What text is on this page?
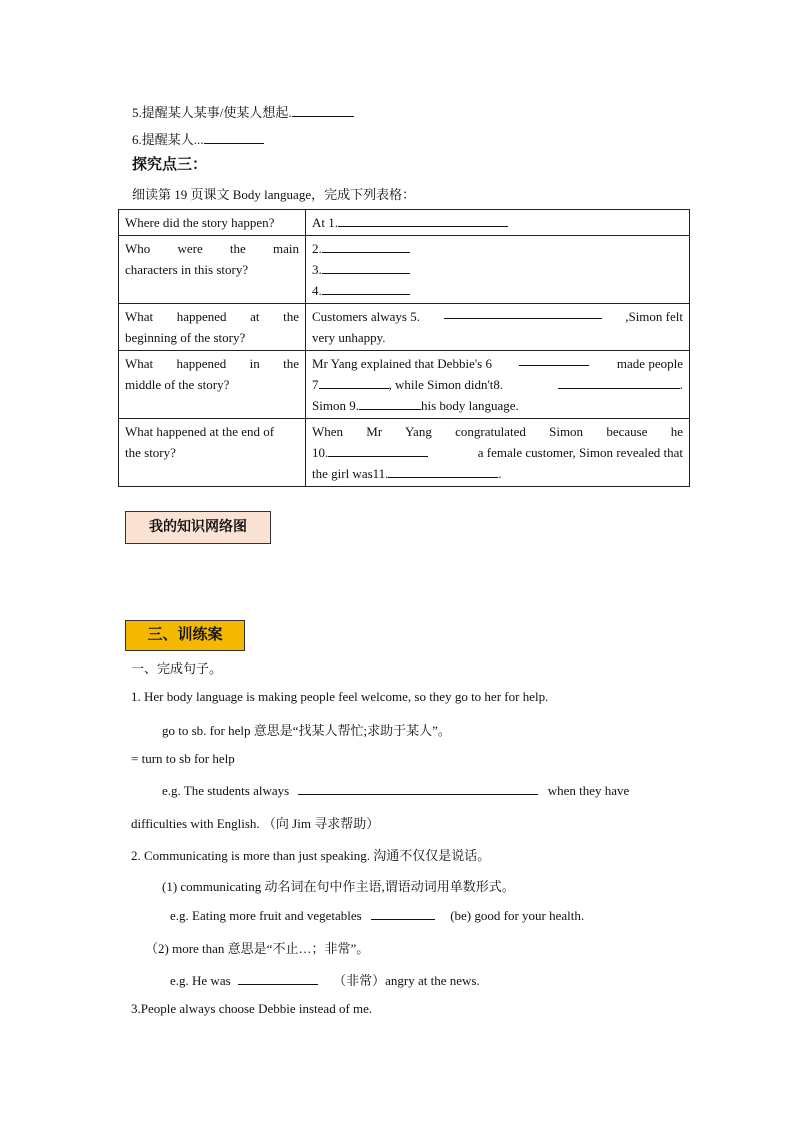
5.提醒某人某事/使某人想起.
6.提醒某人...
探究点三：
细读第 19 页课文 Body language，完成下列表格：
Where did the story happen?	At 1.

Who were the main
characters in this story?	2.
3.
4.

What happened at the
beginning of the story?	Customers always 5. ,Simon felt
very unhappy.

What happened in the
middle of the story?	Mr Yang explained that Debbie's 6 made people
7 , while Simon didn't8. .
Simon 9. his body language.

What happened at the end of
the story?	When Mr Yang congratulated Simon because he
10. a female customer, Simon revealed that
the girl was11. .
我的知识网络图
三、训练案
一、完成句子。
1. Her body language is making people feel welcome, so they go to her for help.
go to sb. for help 意思是“找某人帮忙;求助于某人”。
= turn to sb for help
e.g. The students always	when they have
difficulties with English. （向 Jim 寻求帮助）
2. Communicating is more than just speaking. 沟通不仅仅是说话。
(1) communicating 动名词在句中作主语,谓语动词用单数形式。
e.g. Eating more fruit and vegetables	(be) good for your health.
（2) more than 意思是“不止…；非常”。
e.g. He was	（非常）angry at the news.
3.People always choose Debbie instead of me.
